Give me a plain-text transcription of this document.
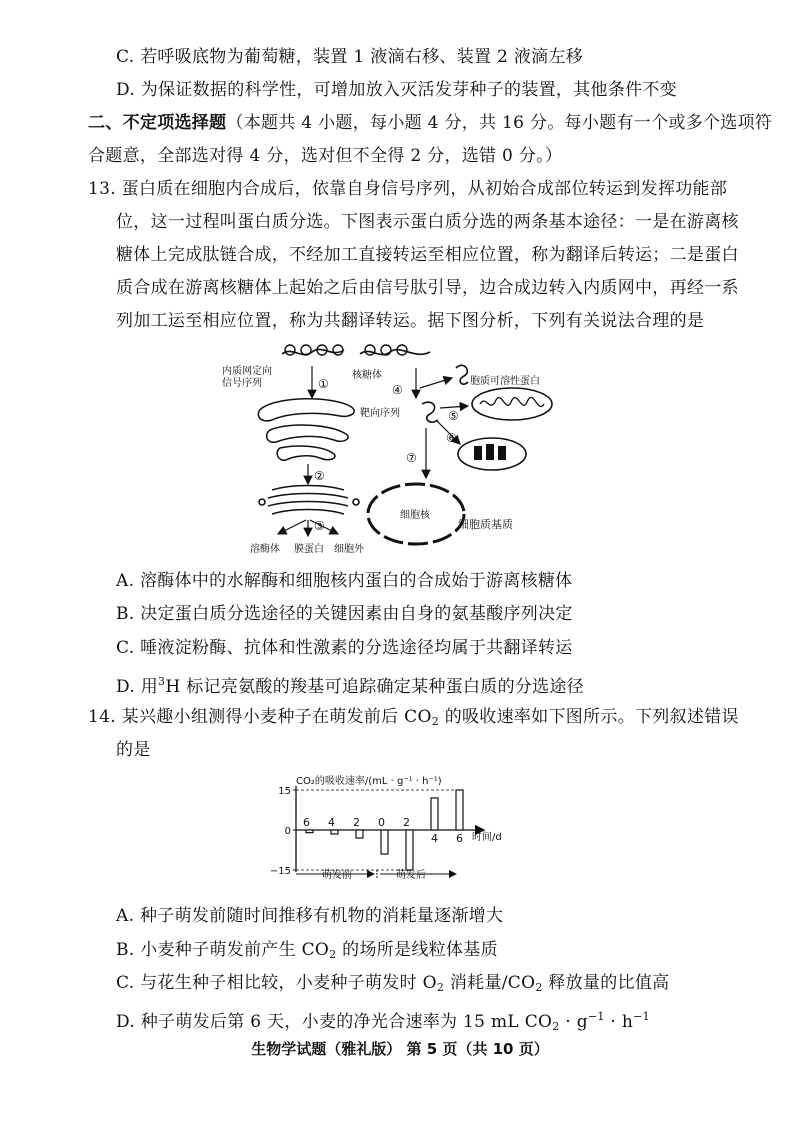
C. 若呼吸底物为葡萄糖，装置 1 液滴右移、装置 2 液滴左移
D. 为保证数据的科学性，可增加放入灭活发芽种子的装置，其他条件不变
二、不定项选择题（本题共 4 小题，每小题 4 分，共 16 分。每小题有一个或多个选项符
合题意，全部选对得 4 分，选对但不全得 2 分，选错 0 分。）
13. 蛋白质在细胞内合成后，依靠自身信号序列，从初始合成部位转运到发挥功能部
位，这一过程叫蛋白质分选。下图表示蛋白质分选的两条基本途径：一是在游离核
糖体上完成肽链合成，不经加工直接转运至相应位置，称为翻译后转运；二是蛋白
质合成在游离核糖体上起始之后由信号肽引导，边合成边转入内质网中，再经一系
列加工运至相应位置，称为共翻译转运。据下图分析，下列有关说法合理的是
内质网定向
信号序列
核糖体
①
②
③
溶酶体 膜蛋白 细胞外
④
胞质可溶性蛋白
靶向序列	⑤
⑥
⑦
细胞核
细胞质基质
A. 溶酶体中的水解酶和细胞核内蛋白的合成始于游离核糖体
B. 决定蛋白质分选途径的关键因素由自身的氨基酸序列决定
C. 唾液淀粉酶、抗体和性激素的分选途径均属于共翻译转运
D. 用$^3$H 标记亮氨酸的羧基可追踪确定某种蛋白质的分选途径
14. 某兴趣小组测得小麦种子在萌发前后 $CO_2$ 的吸收速率如下图所示。下列叙述错误
的是
CO₂的吸收速率/(mL · g⁻¹ · h⁻¹)
时间/d
15
0
−15
6 4 2 0 2
4 6
萌发前	萌发后
A. 种子萌发前随时间推移有机物的消耗量逐渐增大
B. 小麦种子萌发前产生 $CO_2$ 的场所是线粒体基质
C. 与花生种子相比较，小麦种子萌发时 $O_2$ 消耗量$/CO_2$ 释放量的比值高
D. 种子萌发后第 6 天，小麦的净光合速率为 15 mL $CO_2 \cdot g^{-1} \cdot h^{-1}$
生物学试题（雅礼版） 第 5 页（共 10 页）
